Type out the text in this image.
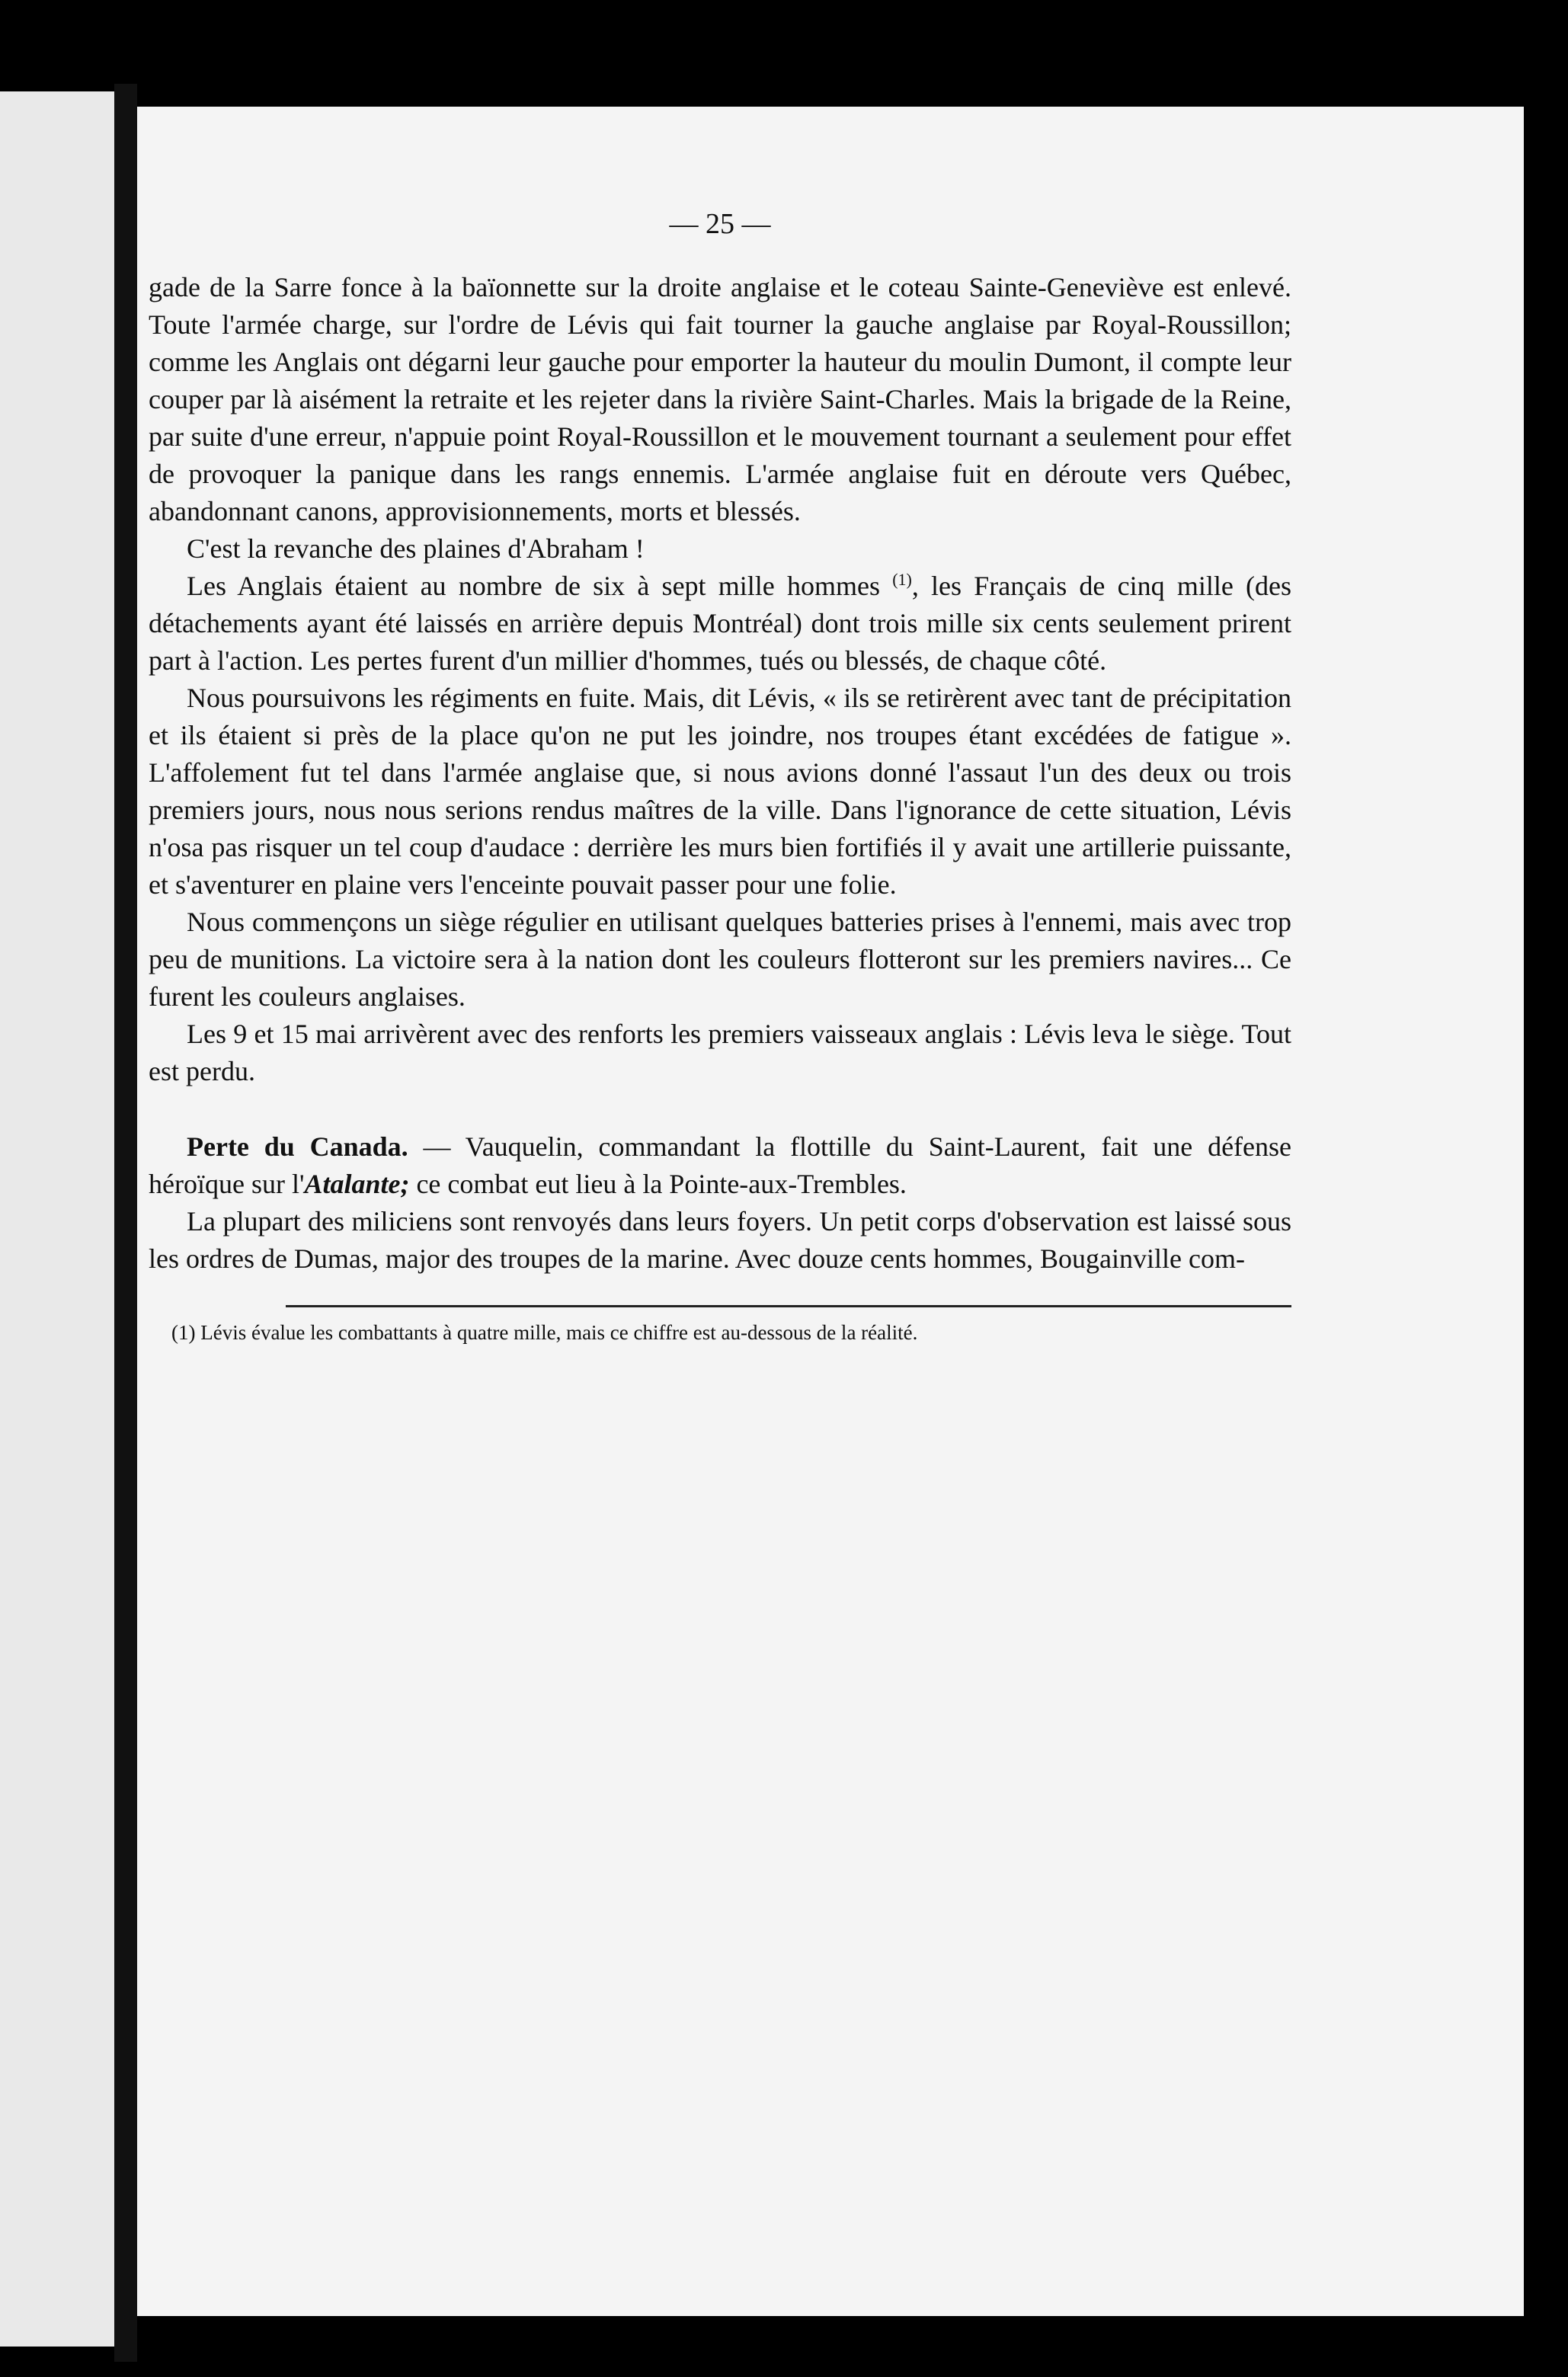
— 25 —

gade de la Sarre fonce à la baïonnette sur la droite anglaise et le coteau Sainte-Geneviève est enlevé. Toute l'armée charge, sur l'ordre de Lévis qui fait tourner la gauche anglaise par Royal-Roussillon; comme les Anglais ont dégarni leur gauche pour emporter la hauteur du moulin Dumont, il compte leur couper par là aisément la retraite et les rejeter dans la rivière Saint-Charles. Mais la brigade de la Reine, par suite d'une erreur, n'appuie point Royal-Roussillon et le mouvement tournant a seulement pour effet de provoquer la panique dans les rangs ennemis. L'armée anglaise fuit en déroute vers Québec, abandonnant canons, approvisionnements, morts et blessés.

C'est la revanche des plaines d'Abraham !

Les Anglais étaient au nombre de six à sept mille hommes $^{(1)}$, les Français de cinq mille (des détachements ayant été laissés en arrière depuis Montréal) dont trois mille six cents seulement prirent part à l'action. Les pertes furent d'un millier d'hommes, tués ou blessés, de chaque côté.

Nous poursuivons les régiments en fuite. Mais, dit Lévis, « ils se retirèrent avec tant de précipitation et ils étaient si près de la place qu'on ne put les joindre, nos troupes étant excédées de fatigue ». L'affolement fut tel dans l'armée anglaise que, si nous avions donné l'assaut l'un des deux ou trois premiers jours, nous nous serions rendus maîtres de la ville. Dans l'ignorance de cette situation, Lévis n'osa pas risquer un tel coup d'audace : derrière les murs bien fortifiés il y avait une artillerie puissante, et s'aventurer en plaine vers l'enceinte pouvait passer pour une folie.

Nous commençons un siège régulier en utilisant quelques batteries prises à l'ennemi, mais avec trop peu de munitions. La victoire sera à la nation dont les couleurs flotteront sur les premiers navires... Ce furent les couleurs anglaises.

Les 9 et 15 mai arrivèrent avec des renforts les premiers vaisseaux anglais : Lévis leva le siège. Tout est perdu.

Perte du Canada. — Vauquelin, commandant la flottille du Saint-Laurent, fait une défense héroïque sur l'Atalante; ce combat eut lieu à la Pointe-aux-Trembles.

La plupart des miliciens sont renvoyés dans leurs foyers. Un petit corps d'observation est laissé sous les ordres de Dumas, major des troupes de la marine. Avec douze cents hommes, Bougainville com-

(1) Lévis évalue les combattants à quatre mille, mais ce chiffre est au-dessous de la réalité.
